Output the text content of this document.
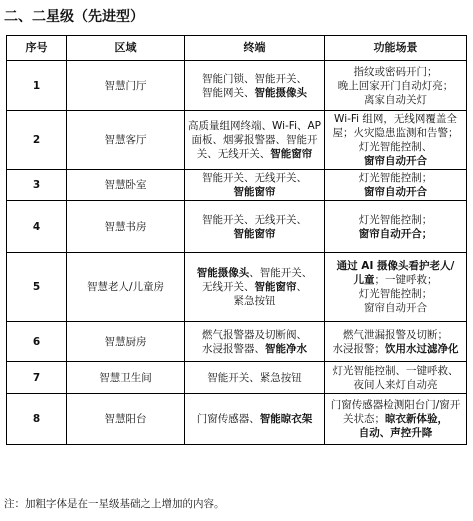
二、二星级（先进型）
序号	区域	终端	功能场景
1	智慧门厅	智能门锁、智能开关、
智能网关、智能摄像头	指纹或密码开门；
晚上回家开门自动灯亮；
离家自动关灯

2	智慧客厅	高质量组网终端、Wi-Fi、AP
面板、烟雾报警器、智能开
关、无线开关、智能窗帘	Wi-Fi 组网，无线网覆盖全
屋；火灾隐患监测和告警；
灯光智能控制、
窗帘自动开合

3	智慧卧室	智能开关、无线开关、
智能窗帘	灯光智能控制；
窗帘自动开合

4	智慧书房	智能开关、无线开关、
智能窗帘	灯光智能控制；
窗帘自动开合；

5	智慧老人/儿童房	智能摄像头、智能开关、
无线开关、智能窗帘、
紧急按钮	通过 AI 摄像头看护老人/
儿童；一键呼救；
灯光智能控制；
窗帘自动开合

6	智慧厨房	燃气报警器及切断阀、
水浸报警器、智能净水	燃气泄漏报警及切断；
水浸报警；饮用水过滤净化

7	智慧卫生间	智能开关、紧急按钮	灯光智能控制、一键呼救、
夜间人来灯自动亮

8	智慧阳台	门窗传感器、智能晾衣架	门窗传感器检测阳台门/窗开
关状态；晾衣新体验，
自动、声控升降
注：加粗字体是在一星级基础之上增加的内容。
